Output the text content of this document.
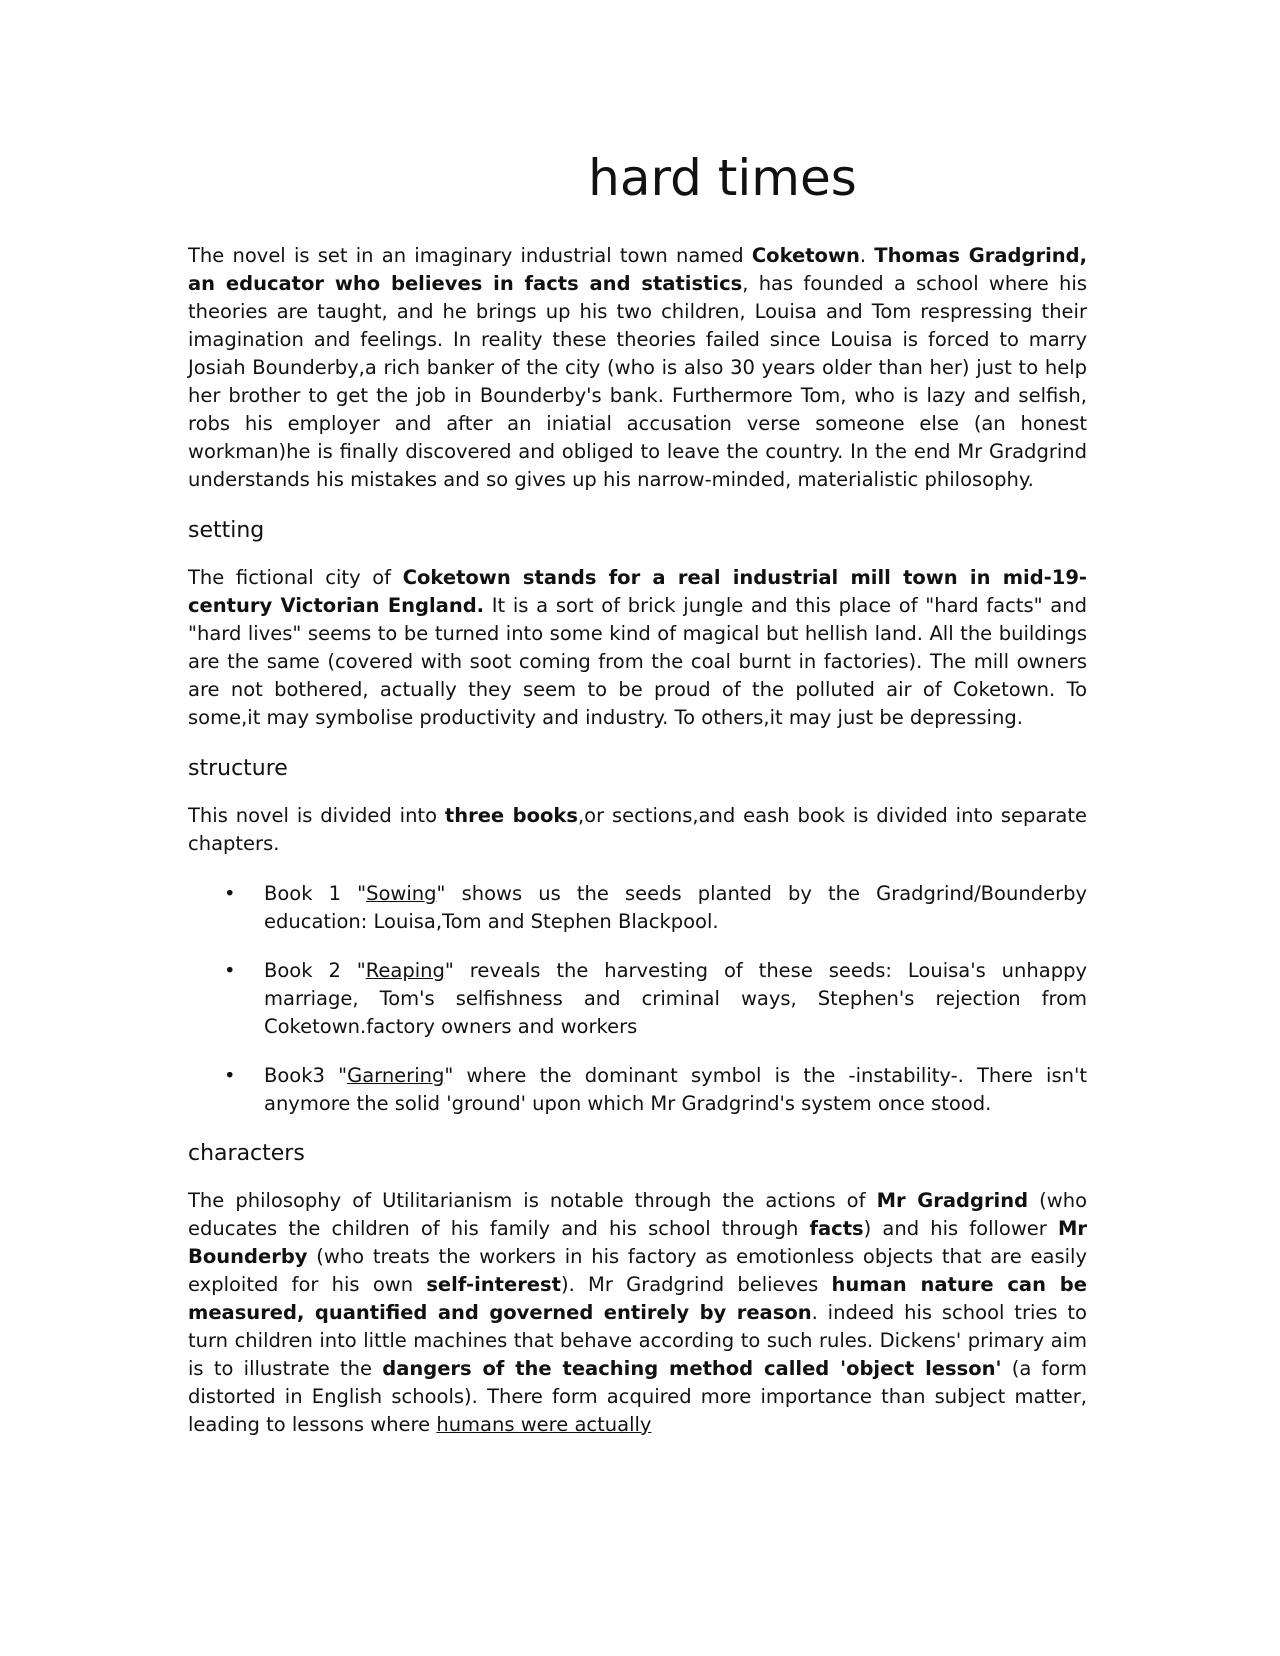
hard times

The novel is set in an imaginary industrial town named Coketown. Thomas Gradgrind, an educator who believes in facts and statistics, has founded a school where his theories are taught, and he brings up his two children, Louisa and Tom respressing their imagination and feelings. In reality these theories failed since Louisa is forced to marry Josiah Bounderby,a rich banker of the city (who is also 30 years older than her) just to help her brother to get the job in Bounderby's bank. Furthermore Tom, who is lazy and selfish, robs his employer and after an iniatial accusation verse someone else (an honest workman)he is finally discovered and obliged to leave the country. In the end Mr Gradgrind understands his mistakes and so gives up his narrow-minded, materialistic philosophy.

setting

The fictional city of Coketown stands for a real industrial mill town in mid-19-century Victorian England. It is a sort of brick jungle and this place of "hard facts" and "hard lives" seems to be turned into some kind of magical but hellish land. All the buildings are the same (covered with soot coming from the coal burnt in factories). The mill owners are not bothered, actually they seem to be proud of the polluted air of Coketown. To some,it may symbolise productivity and industry. To others,it may just be depressing.

structure

This novel is divided into three books,or sections,and eash book is divided into separate chapters.

• Book 1 "Sowing" shows us the seeds planted by the Gradgrind/Bounderby education: Louisa,Tom and Stephen Blackpool.
• Book 2 "Reaping" reveals the harvesting of these seeds: Louisa's unhappy marriage, Tom's selfishness and criminal ways, Stephen's rejection from Coketown.factory owners and workers
• Book3 "Garnering" where the dominant symbol is the -instability-. There isn't anymore the solid 'ground' upon which Mr Gradgrind's system once stood.
characters

The philosophy of Utilitarianism is notable through the actions of Mr Gradgrind (who educates the children of his family and his school through facts) and his follower Mr Bounderby (who treats the workers in his factory as emotionless objects that are easily exploited for his own self-interest). Mr Gradgrind believes human nature can be measured, quantified and governed entirely by reason. indeed his school tries to turn children into little machines that behave according to such rules. Dickens' primary aim is to illustrate the dangers of the teaching method called 'object lesson' (a form distorted in English schools). There form acquired more importance than subject matter, leading to lessons where humans were actually
